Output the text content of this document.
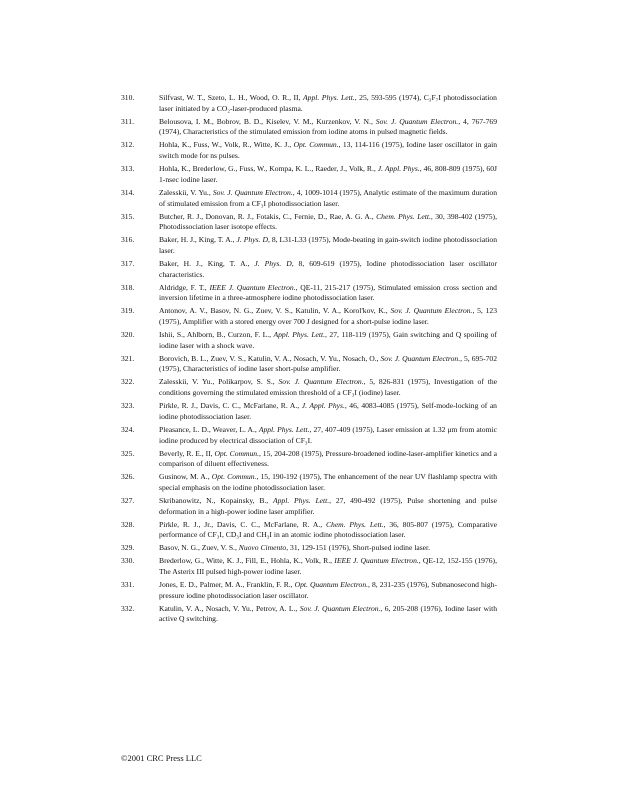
310.	Silfvast, W. T., Szeto, L. H., Wood, O. R., II, Appl. Phys. Lett., 25, 593-595 (1974), C₃F₇I photodissociation laser initiated by a CO₂-laser-produced plasma.
311.	Belousova, I. M., Bobrov, B. D., Kiselev, V. M., Kurzenkov, V. N., Sov. J. Quantum Electron., 4, 767-769 (1974), Characteristics of the stimulated emission from iodine atoms in pulsed magnetic fields.
312.	Hohla, K., Fuss, W., Volk, R., Witte, K. J., Opt. Commun., 13, 114-116 (1975), Iodine laser oscillator in gain switch mode for ns pulses.
313.	Hohla, K., Brederlow, G., Fuss, W., Kompa, K. L., Raeder, J., Volk, R., J. Appl. Phys., 46, 808-809 (1975), 60J 1-nsec iodine laser.
314.	Zalesskii, V. Yu., Sov. J. Quantum Electron., 4, 1009-1014 (1975), Analytic estimate of the maximum duration of stimulated emission from a CF₃I photodissociation laser.
315.	Butcher, R. J., Donovan, R. J., Fotakis, C., Fernie, D., Rae, A. G. A., Chem. Phys. Lett., 30, 398-402 (1975), Photodissociation laser isotope effects.
316.	Baker, H. J., King, T. A., J. Phys. D, 8, L31-L33 (1975), Mode-beating in gain-switch iodine photodissociation laser.
317.	Baker, H. J., King, T. A., J. Phys. D, 8, 609-619 (1975), Iodine photodissociation laser oscillator characteristics.
318.	Aldridge, F. T., IEEE J. Quantum Electron., QE-11, 215-217 (1975), Stimulated emission cross section and inversion lifetime in a three-atmosphere iodine photodissociation laser.
319.	Antonov, A. V., Basov, N. G., Zuev, V. S., Katulin, V. A., Korol'kov, K., Sov. J. Quantum Electron., 5, 123 (1975), Amplifier with a stored energy over 700 J designed for a short-pulse iodine laser.
320.	Ishii, S., Ahlborn, B., Curzon, F. L., Appl. Phys. Lett., 27, 118-119 (1975), Gain switching and Q spoiling of iodine laser with a shock wave.
321.	Borovich, B. L., Zuev, V. S., Katulin, V. A., Nosach, V. Yu., Nosach, O., Sov. J. Quantum Electron., 5, 695-702 (1975), Characteristics of iodine laser short-pulse amplifier.
322.	Zalesskii, V. Yu., Polikarpov, S. S., Sov. J. Quantum Electron., 5, 826-831 (1975), Investigation of the conditions governing the stimulated emission threshold of a CF₃I (iodine) laser.
323.	Pirkle, R. J., Davis, C. C., McFarlane, R. A., J. Appl. Phys., 46, 4083-4085 (1975), Self-mode-locking of an iodine photodissociation laser.
324.	Pleasance, L. D., Weaver, L. A., Appl. Phys. Lett., 27, 407-409 (1975), Laser emission at 1.32 μm from atomic iodine produced by electrical dissociation of CF₃I.
325.	Beverly, R. E., II, Opt. Commun., 15, 204-208 (1975), Pressure-broadened iodine-laser-amplifier kinetics and a comparison of diluent effectiveness.
326.	Gusinow, M. A., Opt. Commun., 15, 190-192 (1975), The enhancement of the near UV flashlamp spectra with special emphasis on the iodine photodissociation laser.
327.	Skribanowitz, N., Kopainsky, B., Appl. Phys. Lett., 27, 490-492 (1975), Pulse shortening and pulse deformation in a high-power iodine laser amplifier.
328.	Pirkle, R. J., Jr., Davis, C. C., McFarlane, R. A., Chem. Phys. Lett., 36, 805-807 (1975), Comparative performance of CF₃I, CD₃I and CH₃I in an atomic iodine photodissociation laser.
329.	Basov, N. G., Zuev, V. S., Nuovo Cimento, 31, 129-151 (1976), Short-pulsed iodine laser.
330.	Brederlow, G., Witte, K. J., Fill, E., Hohla, K., Volk, R., IEEE J. Quantum Electron., QE-12, 152-155 (1976), The Asterix III pulsed high-power iodine laser.
331.	Jones, E. D., Palmer, M. A., Franklin, F. R., Opt. Quantum Electron., 8, 231-235 (1976), Subnanosecond high-pressure iodine photodissociation laser oscillator.
332.	Katulin, V. A., Nosach, V. Yu., Petrov, A. L., Sov. J. Quantum Electron., 6, 205-208 (1976), Iodine laser with active Q switching.
©2001 CRC Press LLC
